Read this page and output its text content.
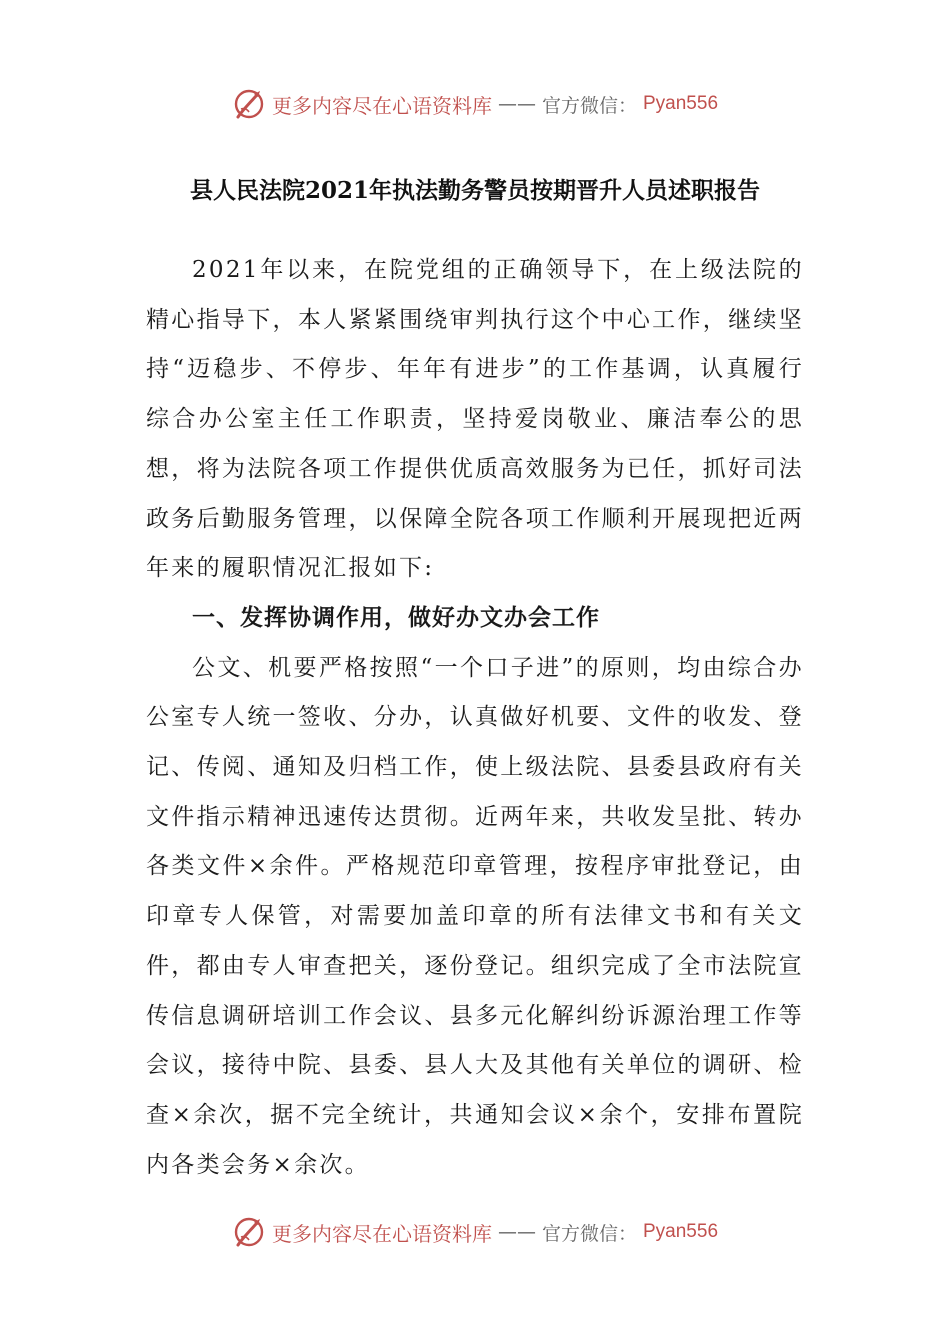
更多内容尽在心语资料库 —— 官方微信： Pyan556
县人民法院2021年执法勤务警员按期晋升人员述职报告

2021年以来，在院党组的正确领导下，在上级法院的精心指导下，本人紧紧围绕审判执行这个中心工作，继续坚持“迈稳步、不停步、年年有进步”的工作基调，认真履行综合办公室主任工作职责，坚持爱岗敬业、廉洁奉公的思想，将为法院各项工作提供优质高效服务为已任，抓好司法政务后勤服务管理，以保障全院各项工作顺利开展现把近两年来的履职情况汇报如下:

一、发挥协调作用，做好办文办会工作

公文、机要严格按照“一个口子进”的原则，均由综合办公室专人统一签收、分办，认真做好机要、文件的收发、登记、传阅、通知及归档工作，使上级法院、县委县政府有关文件指示精神迅速传达贯彻。近两年来，共收发呈批、转办各类文件×余件。严格规范印章管理，按程序审批登记，由印章专人保管，对需要加盖印章的所有法律文书和有关文件，都由专人审查把关，逐份登记。组织完成了全市法院宣传信息调研培训工作会议、县多元化解纠纷诉源治理工作等会议，接待中院、县委、县人大及其他有关单位的调研、检查×余次，据不完全统计，共通知会议×余个，安排布置院内各类会务×余次。

更多内容尽在心语资料库 —— 官方微信： Pyan556
